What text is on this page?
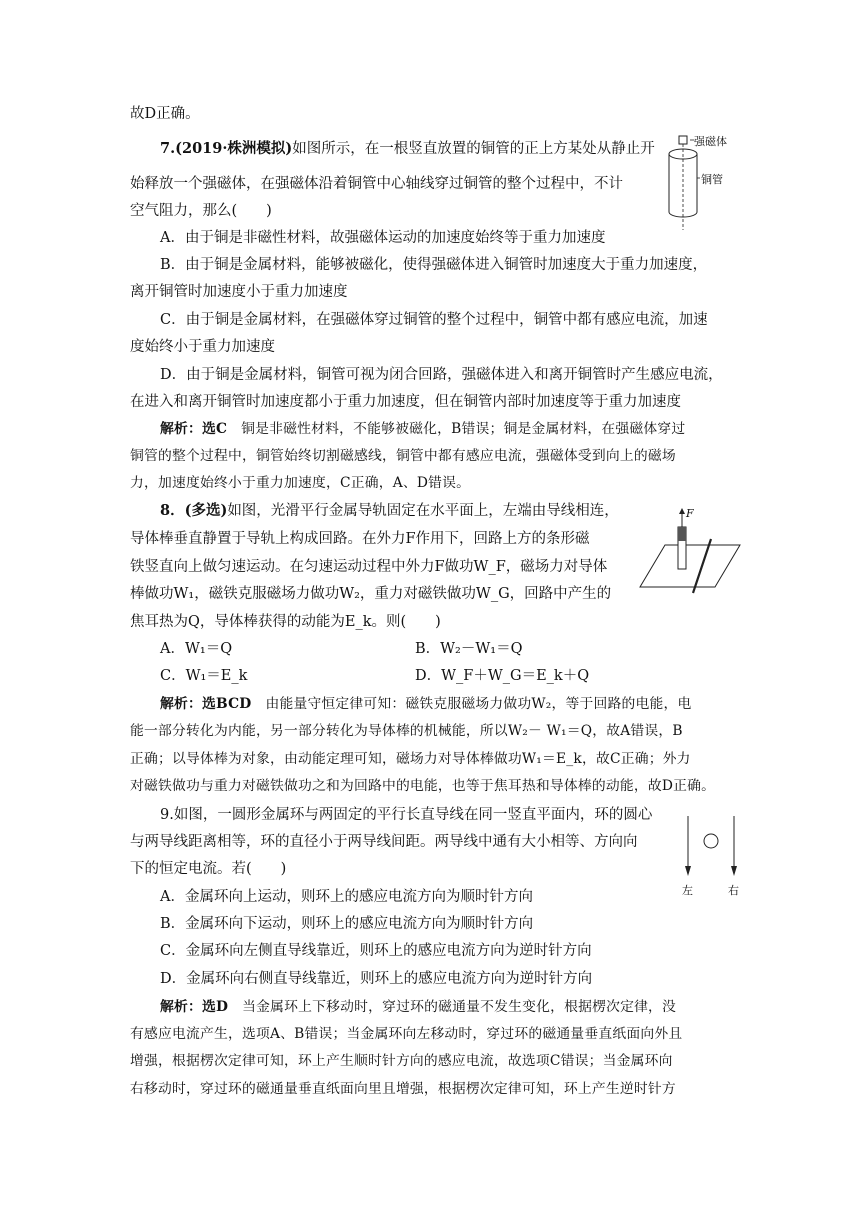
故D正确。
7.(2019·株洲模拟)如图所示，在一根竖直放置的铜管的正上方某处从静止开
始释放一个强磁体，在强磁体沿着铜管中心轴线穿过铜管的整个过程中，不计
空气阻力，那么(　　)
A．由于铜是非磁性材料，故强磁体运动的加速度始终等于重力加速度
B．由于铜是金属材料，能够被磁化，使得强磁体进入铜管时加速度大于重力加速度，
离开铜管时加速度小于重力加速度
C．由于铜是金属材料，在强磁体穿过铜管的整个过程中，铜管中都有感应电流，加速
度始终小于重力加速度
D．由于铜是金属材料，铜管可视为闭合回路，强磁体进入和离开铜管时产生感应电流，
在进入和离开铜管时加速度都小于重力加速度，但在铜管内部时加速度等于重力加速度
解析：选C　铜是非磁性材料，不能够被磁化，B错误；铜是金属材料，在强磁体穿过
铜管的整个过程中，铜管始终切割磁感线，铜管中都有感应电流，强磁体受到向上的磁场
力，加速度始终小于重力加速度，C正确，A、D错误。
强磁体
铜管
8．(多选)如图，光滑平行金属导轨固定在水平面上，左端由导线相连，
导体棒垂直静置于导轨上构成回路。在外力F作用下，回路上方的条形磁
铁竖直向上做匀速运动。在匀速运动过程中外力F做功W_F，磁场力对导体
棒做功W₁，磁铁克服磁场力做功W₂，重力对磁铁做功W_G，回路中产生的
焦耳热为Q，导体棒获得的动能为E_k。则(　　)
A．W₁＝Q	B．W₂－W₁＝Q
C．W₁＝E_k	D．W_F＋W_G＝E_k＋Q
解析：选BCD　由能量守恒定律可知：磁铁克服磁场力做功W₂，等于回路的电能，电
能一部分转化为内能，另一部分转化为导体棒的机械能，所以W₂－ W₁＝Q，故A错误，B
正确；以导体棒为对象，由动能定理可知，磁场力对导体棒做功W₁＝E_k，故C正确；外力
对磁铁做功与重力对磁铁做功之和为回路中的电能，也等于焦耳热和导体棒的动能，故D正确。
F
9.如图，一圆形金属环与两固定的平行长直导线在同一竖直平面内，环的圆心
与两导线距离相等，环的直径小于两导线间距。两导线中通有大小相等、方向向
下的恒定电流。若(　　)
A．金属环向上运动，则环上的感应电流方向为顺时针方向
B．金属环向下运动，则环上的感应电流方向为顺时针方向
C．金属环向左侧直导线靠近，则环上的感应电流方向为逆时针方向
D．金属环向右侧直导线靠近，则环上的感应电流方向为逆时针方向
解析：选D　当金属环上下移动时，穿过环的磁通量不发生变化，根据楞次定律，没
有感应电流产生，选项A、B错误；当金属环向左移动时，穿过环的磁通量垂直纸面向外且
增强，根据楞次定律可知，环上产生顺时针方向的感应电流，故选项C错误；当金属环向
右移动时，穿过环的磁通量垂直纸面向里且增强，根据楞次定律可知，环上产生逆时针方
左	右
